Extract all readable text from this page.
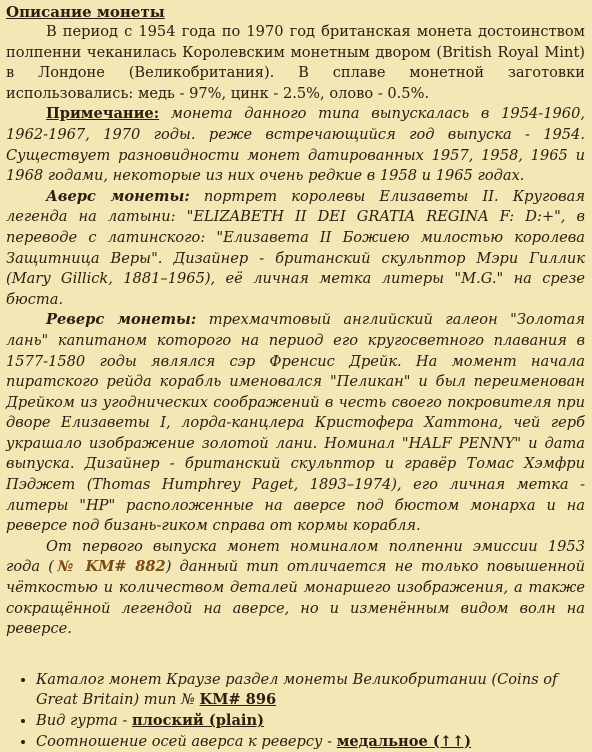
Описание монеты

В период с 1954 года по 1970 год британская монета достоинством полпенни чеканилась Королевским монетным двором (British Royal Mint) в Лондоне (Великобритания). В сплаве монетной заготовки использовались: медь - 97%, цинк - 2.5%, олово - 0.5%.

Примечание: монета данного типа выпускалась в 1954-1960, 1962-1967, 1970 годы. реже встречающийся год выпуска - 1954. Существует разновидности монет датированных 1957, 1958, 1965 и 1968 годами, некоторые из них очень редкие в 1958 и 1965 годах.

Аверс монеты: портрет королевы Елизаветы II. Круговая легенда на латыни: "ELIZABETH II DEI GRATIA REGINA F: D:+", в переводе с латинского: "Елизавета II Божиею милостью королева Защитница Веры". Дизайнер - британский скульптор Мэри Гиллик (Mary Gillick, 1881–1965), её личная метка литеры "M.G." на срезе бюста.

Реверс монеты: трехмачтовый английский галеон "Золотая лань" капитаном которого на период его кругосветного плавания в 1577-1580 годы являлся сэр Френсис Дрейк. На момент начала пиратского рейда корабль именовался "Пеликан" и был переименован Дрейком из угоднических соображений в честь своего покровителя при дворе Елизаветы I, лорда-канцлера Кристофера Хаттона, чей герб украшало изображение золотой лани. Номинал "HALF PENNY" и дата выпуска. Дизайнер - британский скульптор и гравёр Томас Хэмфри Пэджет (Thomas Humphrey Paget, 1893–1974), его личная метка - литеры "HP" расположенные на аверсе под бюстом монарха и на реверсе под бизань-гиком справа от кормы корабля.

От первого выпуска монет номиналом полпенни эмиссии 1953 года (№ KM# 882) данный тип отличается не только повышенной чёткостью и количеством деталей монаршего изображения, а также сокращённой легендой на аверсе, но и изменённым видом волн на реверсе.

• Каталог монет Краузе раздел монеты Великобритании (Coins of Great Britain) тип № KM# 896
• Вид гурта - плоский (plain)
• Соотношение осей аверса к реверсу - медальное (↑↑)
